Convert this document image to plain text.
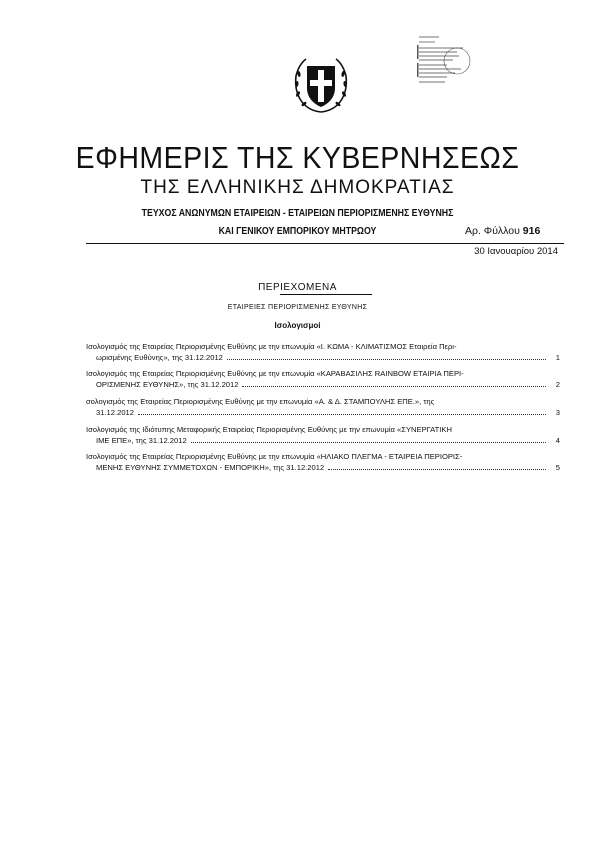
ΕΦΗΜΕΡΙΣ ΤΗΣ ΚΥΒΕΡΝΗΣΕΩΣ
ΤΗΣ ΕΛΛΗΝΙΚΗΣ ΔΗΜΟΚΡΑΤΙΑΣ
ΤΕΥΧΟΣ ΑΝΩΝΥΜΩΝ ΕΤΑΙΡΕΙΩΝ - ΕΤΑΙΡΕΙΩΝ ΠΕΡΙΟΡΙΣΜΕΝΗΣ ΕΥΘΥΝΗΣ
ΚΑΙ ΓΕΝΙΚΟΥ ΕΜΠΟΡΙΚΟΥ ΜΗΤΡΩΟΥ	Αρ. Φύλλου 916
30 Ιανουαρίου 2014
ΠΕΡΙΕΧΟΜΕΝΑ
ΕΤΑΙΡΕΙΕΣ ΠΕΡΙΟΡΙΣΜΕΝΗΣ ΕΥΘΥΝΗΣ
Ισολογισμοί
Ισολογισμός της Εταιρείας Περιορισμένης Ευθύνης με την επωνυμία «Ι. ΚΩΜΑ - ΚΛΙΜΑΤΙΣΜΟΣ Εταιρεία Περι-
ωρισμένης Ευθύνης», της 31.12.2012	1
Ισολογισμός της Εταιρείας Περιορισμένης Ευθύνης με την επωνυμία «ΚΑΡΑΒΑΣΙΛΗΣ RAINBOW ΕΤΑΙΡΙΑ ΠΕΡΙ-
ΟΡΙΣΜΕΝΗΣ ΕΥΘΥΝΗΣ», της 31.12.2012	2
σολογισμός της Εταιρείας Περιορισμένης Ευθύνης με την επωνυμία «Α. & Δ. ΣΤΑΜΠΟΥΛΗΣ ΕΠΕ.», της
31.12.2012	3
Ισολογισμός της Ιδιότυπης Μεταφορικής Εταιρείας Περιορισμένης Ευθύνης με την επωνυμία «ΣΥΝΕΡΓΑΤΙΚΗ
ΙΜΕ ΕΠΕ», της 31.12.2012	4
Ισολογισμός της Εταιρείας Περιορισμένης Ευθύνης με την επωνυμία «ΗΛΙΑΚΟ ΠΛΕΓΜΑ - ΕΤΑΙΡΕΙΑ ΠΕΡΙΟΡΙΣ-
ΜΕΝΗΣ ΕΥΘΥΝΗΣ ΣΥΜΜΕΤΟΧΩΝ - ΕΜΠΟΡΙΚΗ», της 31.12.2012	5
